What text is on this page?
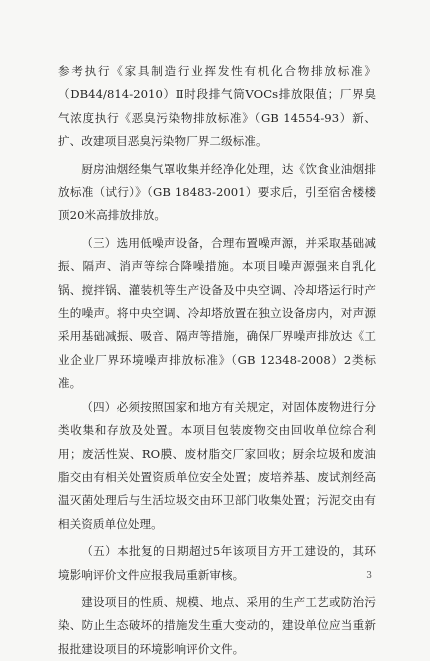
参考执行《家具制造行业挥发性有机化合物排放标准》（DB44/814-2010）Ⅱ时段排气筒VOCs排放限值；厂界臭气浓度执行《恶臭污染物排放标准》（GB 14554-93）新、扩、改建项目恶臭污染物厂界二级标准。

厨房油烟经集气罩收集并经净化处理，达《饮食业油烟排放标准（试行）》（GB 18483-2001）要求后，引至宿舍楼楼顶20米高排放排放。

（三）选用低噪声设备，合理布置噪声源，并采取基础减振、隔声、消声等综合降噪措施。本项目噪声源强来自乳化锅、搅拌锅、灌装机等生产设备及中央空调、冷却塔运行时产生的噪声。将中央空调、冷却塔放置在独立设备房内，对声源采用基础减振、吸音、隔声等措施，确保厂界噪声排放达《工业企业厂界环境噪声排放标准》（GB 12348-2008）2类标准。

（四）必须按照国家和地方有关规定，对固体废物进行分类收集和存放及处置。本项目包装废物交由回收单位综合利用；废活性炭、RO膜、废材脂交厂家回收；厨余垃圾和废油脂交由有相关处置资质单位安全处置；废培养基、废试剂经高温灭菌处理后与生活垃圾交由环卫部门收集处置；污泥交由有相关资质单位处理。

（五）本批复的日期超过5年该项目方开工建设的，其环境影响评价文件应报我局重新审核。

建设项目的性质、规模、地点、采用的生产工艺或防治污染、防止生态破坏的措施发生重大变动的，建设单位应当重新报批建设项目的环境影响评价文件。

3
